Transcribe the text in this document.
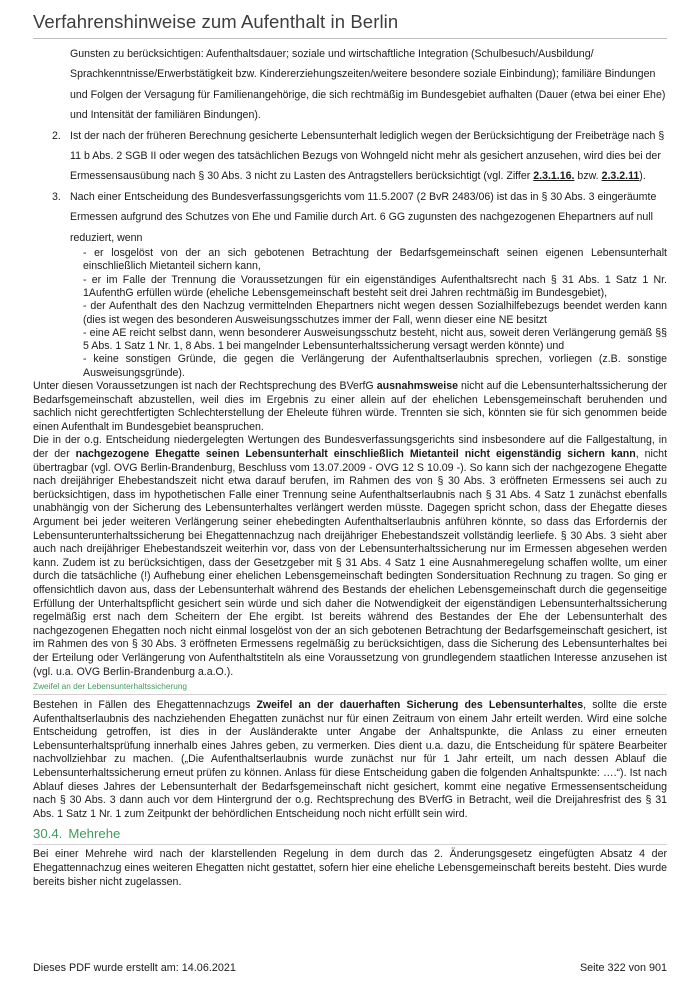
Verfahrenshinweise zum Aufenthalt in Berlin

Gunsten zu berücksichtigen: Aufenthaltsdauer; soziale und wirtschaftliche Integration (Schulbesuch/Ausbildung/ Sprachkenntnisse/Erwerbstätigkeit bzw. Kindererziehungszeiten/weitere besondere soziale Einbindung); familiäre Bindungen und Folgen der Versagung für Familienangehörige, die sich rechtmäßig im Bundesgebiet aufhalten (Dauer (etwa bei einer Ehe) und Intensität der familiären Bindungen).

2. Ist der nach der früheren Berechnung gesicherte Lebensunterhalt lediglich wegen der Berücksichtigung der Freibeträge nach § 11 b Abs. 2 SGB II oder wegen des tatsächlichen Bezugs von Wohngeld nicht mehr als gesichert anzusehen, wird dies bei der Ermessensausübung nach § 30 Abs. 3 nicht zu Lasten des Antragstellers berücksichtigt (vgl. Ziffer 2.3.1.16. bzw. 2.3.2.11).
3. Nach einer Entscheidung des Bundesverfassungsgerichts vom 11.5.2007 (2 BvR 2483/06) ist das in § 30 Abs. 3 eingeräumte Ermessen aufgrund des Schutzes von Ehe und Familie durch Art. 6 GG zugunsten des nachgezogenen Ehepartners auf null reduziert, wenn
- er losgelöst von der an sich gebotenen Betrachtung der Bedarfsgemeinschaft seinen eigenen Lebensunterhalt einschließlich Mietanteil sichern kann,
- er im Falle der Trennung die Voraussetzungen für ein eigenständiges Aufenthaltsrecht nach § 31 Abs. 1 Satz 1 Nr. 1AufenthG erfüllen würde (eheliche Lebensgemeinschaft besteht seit drei Jahren rechtmäßig im Bundesgebiet),
- der Aufenthalt des den Nachzug vermittelnden Ehepartners nicht wegen dessen Sozialhilfebezugs beendet werden kann (dies ist wegen des besonderen Ausweisungsschutzes immer der Fall, wenn dieser eine NE besitzt
- eine AE reicht selbst dann, wenn besonderer Ausweisungsschutz besteht, nicht aus, soweit deren Verlängerung gemäß §§ 5 Abs. 1 Satz 1 Nr. 1, 8 Abs. 1 bei mangelnder Lebensunterhaltssicherung versagt werden könnte) und
- keine sonstigen Gründe, die gegen die Verlängerung der Aufenthaltserlaubnis sprechen, vorliegen (z.B. sonstige Ausweisungsgründe).

Unter diesen Voraussetzungen ist nach der Rechtsprechung des BVerfG ausnahmsweise nicht auf die Lebensunterhaltssicherung der Bedarfsgemeinschaft abzustellen, weil dies im Ergebnis zu einer allein auf der ehelichen Lebensgemeinschaft beruhenden und sachlich nicht gerechtfertigten Schlechterstellung der Eheleute führen würde. Trennten sie sich, könnten sie für sich genommen beide einen Aufenthalt im Bundesgebiet beanspruchen.

Die in der o.g. Entscheidung niedergelegten Wertungen des Bundesverfassungsgerichts sind insbesondere auf die Fallgestaltung, in der der nachgezogene Ehegatte seinen Lebensunterhalt einschließlich Mietanteil nicht eigenständig sichern kann, nicht übertragbar (vgl. OVG Berlin-Brandenburg, Beschluss vom 13.07.2009 - OVG 12 S 10.09 -). So kann sich der nachgezogene Ehegatte nach dreijähriger Ehebestandszeit nicht etwa darauf berufen, im Rahmen des von § 30 Abs. 3 eröffneten Ermessens sei auch zu berücksichtigen, dass im hypothetischen Falle einer Trennung seine Aufenthaltserlaubnis nach § 31 Abs. 4 Satz 1 zunächst ebenfalls unabhängig von der Sicherung des Lebensunterhaltes verlängert werden müsste. Dagegen spricht schon, dass der Ehegatte dieses Argument bei jeder weiteren Verlängerung seiner ehebedingten Aufenthaltserlaubnis anführen könnte, so dass das Erfordernis der Lebensunterunterhaltssicherung bei Ehegattennachzug nach dreijähriger Ehebestandszeit vollständig leerliefe. § 30 Abs. 3 sieht aber auch nach dreijähriger Ehebestandszeit weiterhin vor, dass von der Lebensunterhaltssicherung nur im Ermessen abgesehen werden kann. Zudem ist zu berücksichtigen, dass der Gesetzgeber mit § 31 Abs. 4 Satz 1 eine Ausnahmeregelung schaffen wollte, um einer durch die tatsächliche (!) Aufhebung einer ehelichen Lebensgemeinschaft bedingten Sondersituation Rechnung zu tragen. So ging er offensichtlich davon aus, dass der Lebensunterhalt während des Bestands der ehelichen Lebensgemeinschaft durch die gegenseitige Erfüllung der Unterhaltspflicht gesichert sein würde und sich daher die Notwendigkeit der eigenständigen Lebensunterhaltssicherung regelmäßig erst nach dem Scheitern der Ehe ergibt. Ist bereits während des Bestandes der Ehe der Lebensunterhalt des nachgezogenen Ehegatten noch nicht einmal losgelöst von der an sich gebotenen Betrachtung der Bedarfsgemeinschaft gesichert, ist im Rahmen des von § 30 Abs. 3 eröffneten Ermessens regelmäßig zu berücksichtigen, dass die Sicherung des Lebensunterhaltes bei der Erteilung oder Verlängerung von Aufenthaltstiteln als eine Voraussetzung von grundlegendem staatlichen Interesse anzusehen ist (vgl. u.a. OVG Berlin-Brandenburg a.a.O.).

Zweifel an der Lebensunterhaltssicherung

Bestehen in Fällen des Ehegattennachzugs Zweifel an der dauerhaften Sicherung des Lebensunterhaltes, sollte die erste Aufenthaltserlaubnis des nachziehenden Ehegatten zunächst nur für einen Zeitraum von einem Jahr erteilt werden. Wird eine solche Entscheidung getroffen, ist dies in der Ausländerakte unter Angabe der Anhaltspunkte, die Anlass zu einer erneuten Lebensunterhaltsprüfung innerhalb eines Jahres geben, zu vermerken. Dies dient u.a. dazu, die Entscheidung für spätere Bearbeiter nachvollziehbar zu machen. („Die Aufenthaltserlaubnis wurde zunächst nur für 1 Jahr erteilt, um nach dessen Ablauf die Lebensunterhaltssicherung erneut prüfen zu können. Anlass für diese Entscheidung gaben die folgenden Anhaltspunkte: ….“). Ist nach Ablauf dieses Jahres der Lebensunterhalt der Bedarfsgemeinschaft nicht gesichert, kommt eine negative Ermessensentscheidung nach § 30 Abs. 3 dann auch vor dem Hintergrund der o.g. Rechtsprechung des BVerfG in Betracht, weil die Dreijahresfrist des § 31 Abs. 1 Satz 1 Nr. 1 zum Zeitpunkt der behördlichen Entscheidung noch nicht erfüllt sein wird.

30.4. Mehrehe

Bei einer Mehrehe wird nach der klarstellenden Regelung in dem durch das 2. Änderungsgesetz eingefügten Absatz 4 der Ehegattennachzug eines weiteren Ehegatten nicht gestattet, sofern hier eine eheliche Lebensgemeinschaft bereits besteht. Dies wurde bereits bisher nicht zugelassen.

Dieses PDF wurde erstellt am: 14.06.2021	Seite 322 von 901
